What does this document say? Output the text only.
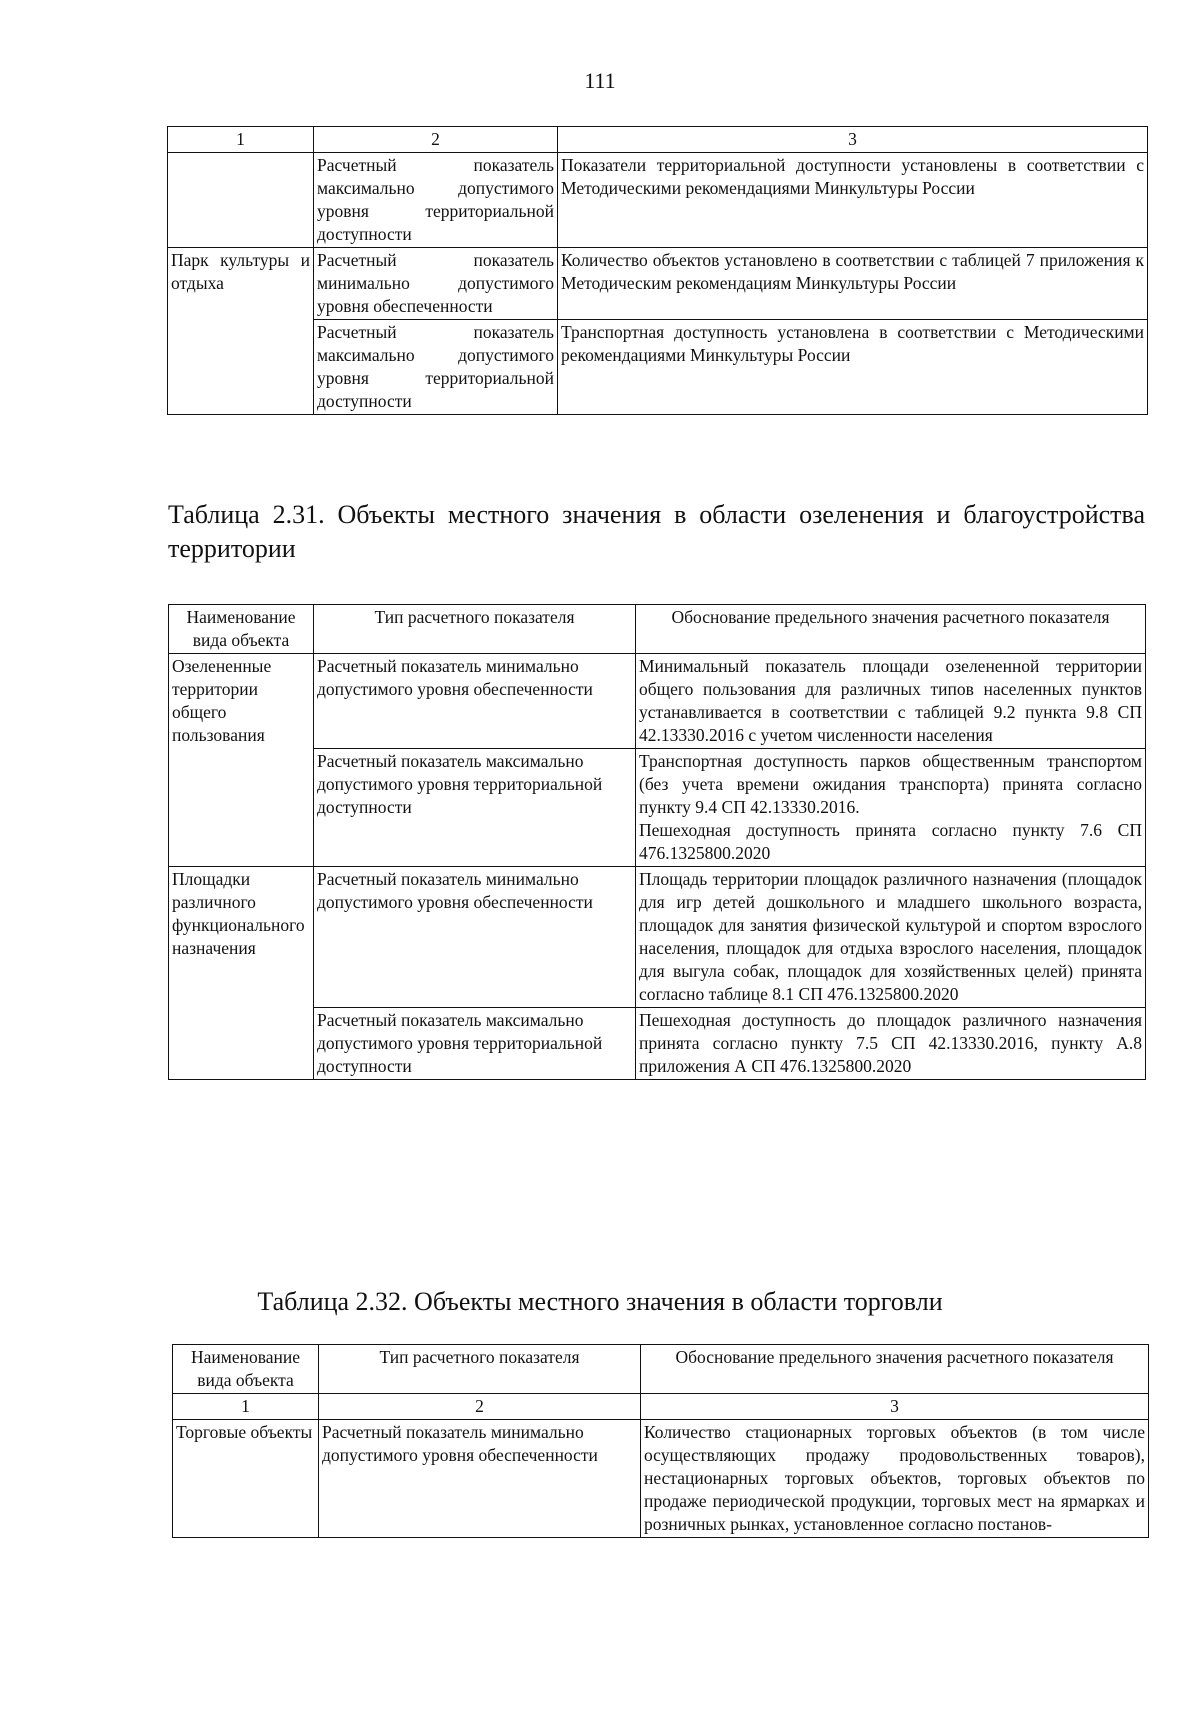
111
1	2	3
	Расчетный показатель максимально допустимого уровня территориальной доступности	Показатели территориальной доступности установлены в соответствии с Методическими рекомендациями Минкультуры России
Парк культуры и отдыха	Расчетный показатель минимально допустимого уровня обеспеченности	Количество объектов установлено в соответствии с таблицей 7 приложения к Методическим рекомендациям Минкультуры России
	Расчетный показатель максимально допустимого уровня территориальной доступности	Транспортная доступность установлена в соответствии с Методическими рекомендациями Минкультуры России
Таблица 2.31. Объекты местного значения в области озеленения и благоустройства территории
Наименование вида объекта	Тип расчетного показателя	Обоснование предельного значения расчетного показателя
Озелененные территории общего пользования	Расчетный показатель минимально допустимого уровня обеспеченности	Минимальный показатель площади озелененной территории общего пользования для различных типов населенных пунктов устанавливается в соответствии с таблицей 9.2 пункта 9.8 СП 42.13330.2016 с учетом численности населения
	Расчетный показатель максимально допустимого уровня территориальной доступности	Транспортная доступность парков общественным транспортом (без учета времени ожидания транспорта) принята согласно пункту 9.4 СП 42.13330.2016.
Пешеходная доступность принята согласно пункту 7.6 СП 476.1325800.2020

Площадки различного функционального назначения	Расчетный показатель минимально допустимого уровня обеспеченности	Площадь территории площадок различного назначения (площадок для игр детей дошкольного и младшего школьного возраста, площадок для занятия физической культурой и спортом взрослого населения, площадок для отдыха взрослого населения, площадок для выгула собак, площадок для хозяйственных целей) принята согласно таблице 8.1 СП 476.1325800.2020
	Расчетный показатель максимально допустимого уровня территориальной доступности	Пешеходная доступность до площадок различного назначения принята согласно пункту 7.5 СП 42.13330.2016, пункту А.8 приложения А СП 476.1325800.2020
Таблица 2.32. Объекты местного значения в области торговли
Наименование вида объекта	Тип расчетного показателя	Обоснование предельного значения расчетного показателя
1	2	3
Торговые объекты	Расчетный показатель минимально допустимого уровня обеспеченности	Количество стационарных торговых объектов (в том числе осуществляющих продажу продовольственных товаров), нестационарных торговых объектов, торговых объектов по продаже периодической продукции, торговых мест на ярмарках и розничных рынках, установленное согласно постанов-
